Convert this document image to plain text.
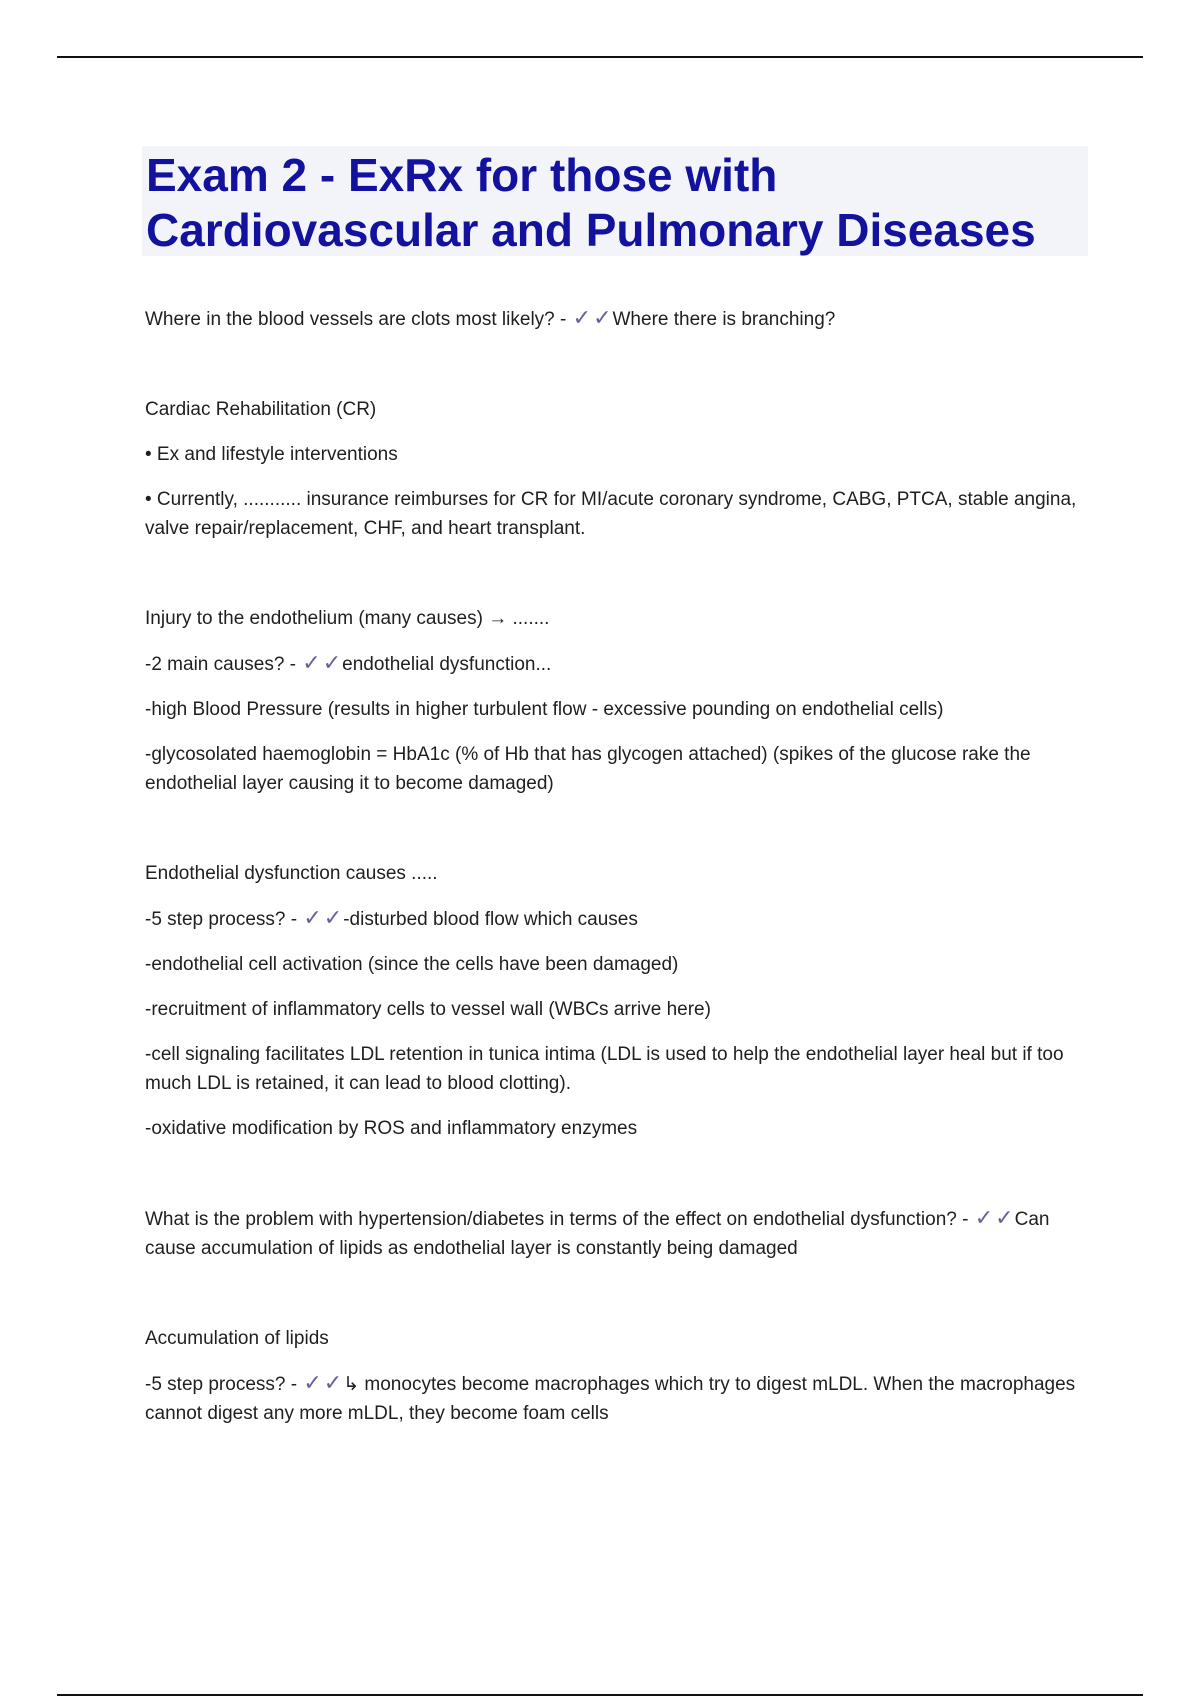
Exam 2 - ExRx for those with
Cardiovascular and Pulmonary Diseases

Where in the blood vessels are clots most likely? - ✓✓Where there is branching?

Cardiac Rehabilitation (CR)

• Ex and lifestyle interventions

• Currently, ........... insurance reimburses for CR for MI/acute coronary syndrome, CABG, PTCA, stable angina, valve repair/replacement, CHF, and heart transplant.

Injury to the endothelium (many causes) → .......

-2 main causes? - ✓✓endothelial dysfunction...

-high Blood Pressure (results in higher turbulent flow - excessive pounding on endothelial cells)

-glycosolated haemoglobin = HbA1c (% of Hb that has glycogen attached) (spikes of the glucose rake the endothelial layer causing it to become damaged)

Endothelial dysfunction causes .....

-5 step process? - ✓✓-disturbed blood flow which causes

-endothelial cell activation (since the cells have been damaged)

-recruitment of inflammatory cells to vessel wall (WBCs arrive here)

-cell signaling facilitates LDL retention in tunica intima (LDL is used to help the endothelial layer heal but if too much LDL is retained, it can lead to blood clotting).

-oxidative modification by ROS and inflammatory enzymes

What is the problem with hypertension/diabetes in terms of the effect on endothelial dysfunction? - ✓✓Can cause accumulation of lipids as endothelial layer is constantly being damaged

Accumulation of lipids

-5 step process? - ✓✓↳ monocytes become macrophages which try to digest mLDL. When the macrophages cannot digest any more mLDL, they become foam cells
